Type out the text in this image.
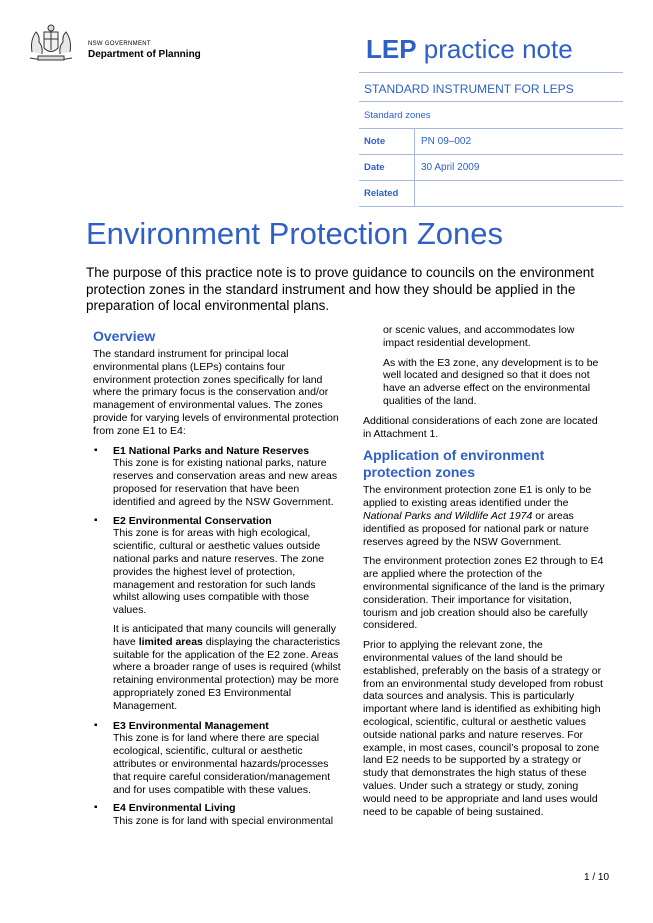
NSW GOVERNMENT
Department of Planning	LEP practice note
STANDARD INSTRUMENT FOR LEPS
Standard zones
Note	PN 09–002
Date	30 April 2009
Related
Environment Protection Zones
The purpose of this practice note is to prove guidance to councils on the environment protection zones in the standard instrument and how they should be applied in the preparation of local environmental plans.
Overview

The standard instrument for principal local environmental plans (LEPs) contains four environment protection zones specifically for land where the primary focus is the conservation and/or management of environmental values. The zones provide for varying levels of environmental protection from zone E1 to E4:

▪ E1 National Parks and Nature Reserves
This zone is for existing national parks, nature reserves and conservation areas and new areas proposed for reservation that have been identified and agreed by the NSW Government.
▪ E2 Environmental Conservation
This zone is for areas with high ecological, scientific, cultural or aesthetic values outside national parks and nature reserves. The zone provides the highest level of protection, management and restoration for such lands whilst allowing uses compatible with those values.

It is anticipated that many councils will generally have limited areas displaying the characteristics suitable for the application of the E2 zone. Areas where a broader range of uses is required (whilst retaining environmental protection) may be more appropriately zoned E3 Environmental Management.

▪ E3 Environmental Management
This zone is for land where there are special ecological, scientific, cultural or aesthetic attributes or environmental hazards/processes that require careful consideration/management and for uses compatible with these values.
▪ E4 Environmental Living
This zone is for land with special environmental

or scenic values, and accommodates low impact residential development.

As with the E3 zone, any development is to be well located and designed so that it does not have an adverse effect on the environmental qualities of the land.

Additional considerations of each zone are located in Attachment 1.

Application of environment protection zones

The environment protection zone E1 is only to be applied to existing areas identified under the National Parks and Wildlife Act 1974 or areas identified as proposed for national park or nature reserves agreed by the NSW Government.

The environment protection zones E2 through to E4 are applied where the protection of the environmental significance of the land is the primary consideration. Their importance for visitation, tourism and job creation should also be carefully considered.

Prior to applying the relevant zone, the environmental values of the land should be established, preferably on the basis of a strategy or from an environmental study developed from robust data sources and analysis. This is particularly important where land is identified as exhibiting high ecological, scientific, cultural or aesthetic values outside national parks and nature reserves. For example, in most cases, council’s proposal to zone land E2 needs to be supported by a strategy or study that demonstrates the high status of these values. Under such a strategy or study, zoning would need to be appropriate and land uses would need to be capable of being sustained.

1 / 10
